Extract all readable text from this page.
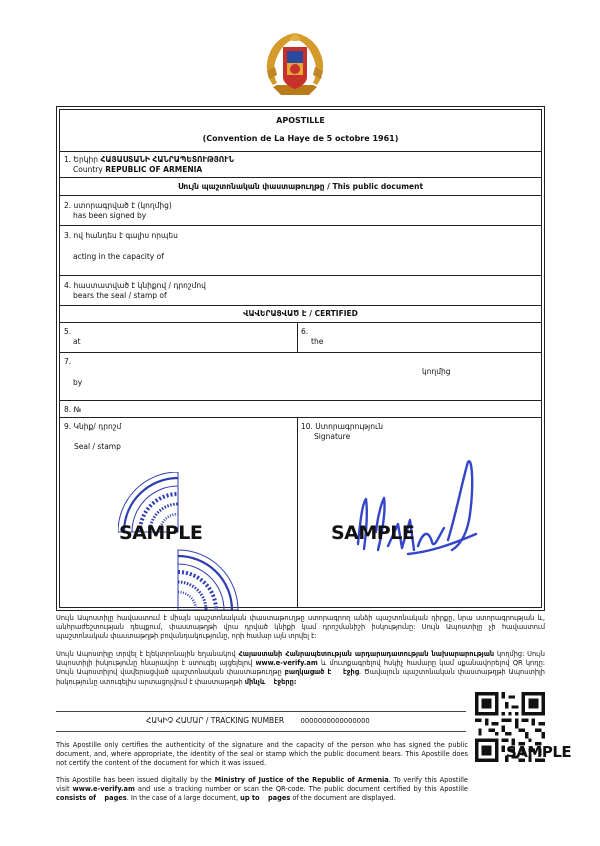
APOSTILLE
(Convention de La Haye de 5 octobre 1961)
1. Երկիր ՀԱՅԱՍՏԱՆԻ ՀԱՆՐԱՊԵՏՈՒԹՅՈՒՆ
Country REPUBLIC OF ARMENIA
Սույն պաշտոնական փաստաթուղթը / This public document
2. ստորագրված է (կողմից)
has been signed by
3. ով հանդես է գալիս որպես
acting in the capacity of
4. հաստատված է կնիքով / դրոշմով
bears the seal / stamp of
ՎԱՎԵՐԱՑՎԱԾ Է / CERTIFIED
5.
at
6.
the
7.
կողմից
by
8. №
9. Կնիք/ դրոշմ
Seal / stamp
SAMPLE
10. Ստորագրություն
Signature
SAMPLE
Սույն Ապոստիլը հավաստում է միայն պաշտոնական փաստաթուղթը ստորագրող անձի պաշտոնական դիրքը, նրա ստորագրության և, անհրաժեշտության դեպքում, փաստաթղթի վրա դրված կնիքի կամ դրոշմանիշի իսկությունը: Սույն Ապոստիլը չի հավաստում պաշտոնական փաստաթղթի բովանդակությունը, որի համար այն տրվել է:
Սույն Ապոստիլը տրվել է էլեկտրոնային եղանակով Հայաստանի Հանրապետության արդարադատության նախարարության կողմից: Սույն Ապոստիլի իսկությունը հնարավոր է ստուգել այցելելով www.e-verify.am և մուտքագրելով հսկիչ համարը կամ սքանավորելով QR կոդը: Սույն Ապոստիլով վավերացված պաշտոնական փաստաթուղթը բաղկացած է էջից. Ծավալուն պաշտոնական փաստաթղթի Ապոստիլի իսկությունը ստուգելիս արտացոլվում է փաստաթղթի մինչև էջերը:
ՀԱԿԻՉ ՀԱՄԱՐ / TRACKING NUMBER 0000000000000000
SAMPLE
This Apostille only certifies the authenticity of the signature and the capacity of the person who has signed the public document, and, where appropriate, the identity of the seal or stamp which the public document bears. This Apostille does not certify the content of the document for which it was issued.
This Apostille has been issued digitally by the Ministry of Justice of the Republic of Armenia. To verify this Apostille visit www.e-verify.am and use a tracking number or scan the QR-code. The public document certified by this Apostille consists of pages. In the case of a large document, up to pages of the document are displayed.
